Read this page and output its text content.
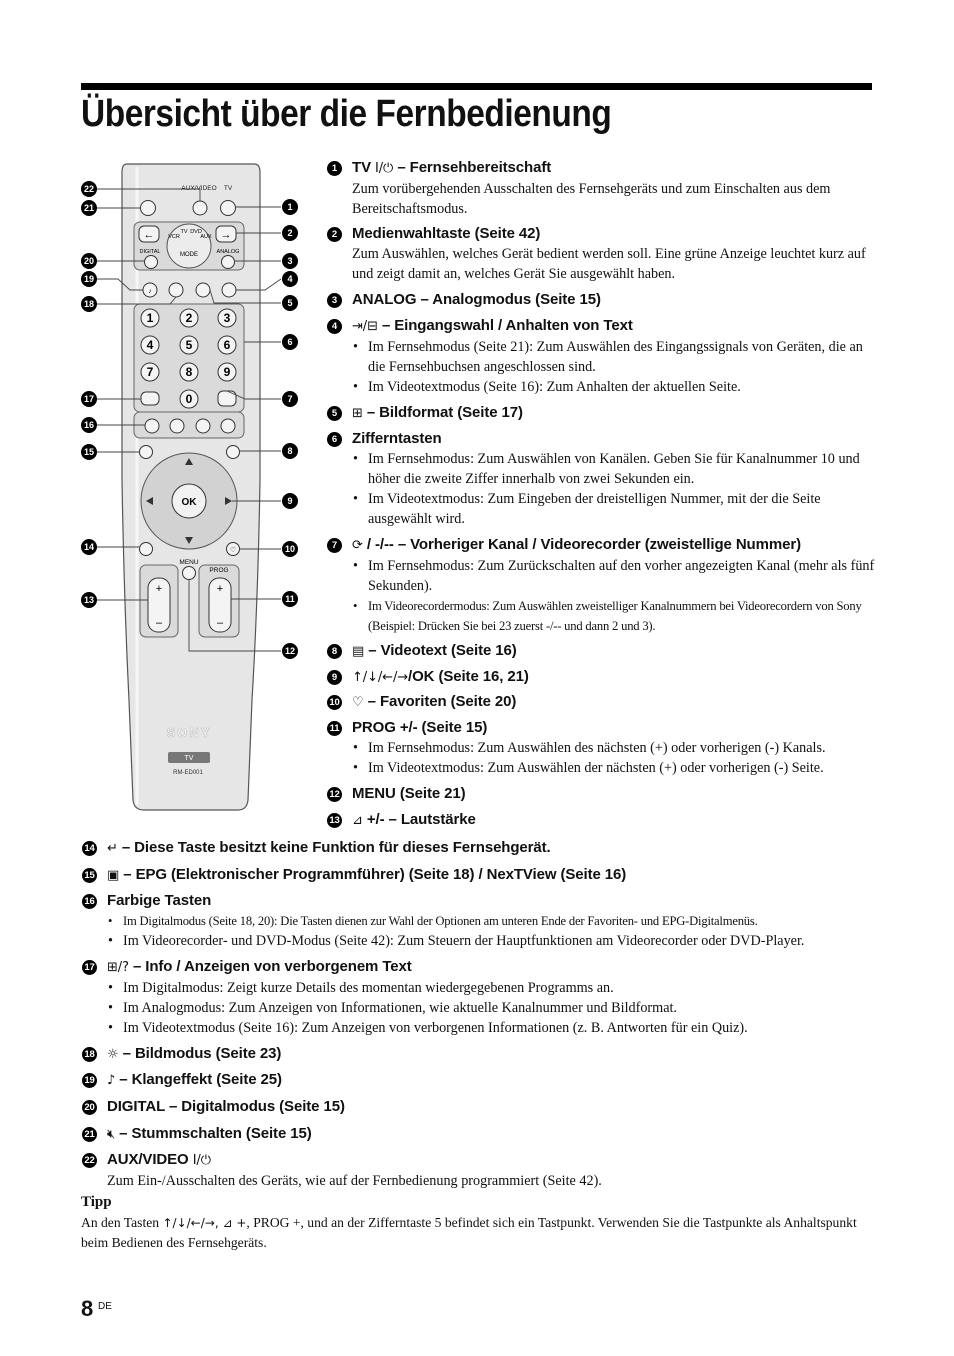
Übersicht über die Fernbedienung
AUX/VIDEO TV
←	→
VCR
TV DVD
AUX
MODE
DIGITAL	ANALOG
♪
1	2	3
4	5	6
7	8	9
0
OK
♡
MENU
+
–
PROG
+
–
SONY
TV
RM-ED001
22
21
20
19
18
17
16
15
14
13
1
2
3
4
5
6
7
8
9
10
11
12
1 TV I/⏻ – Fernsehbereitschaft
Zum vorübergehenden Ausschalten des Fernsehgeräts und zum Einschalten aus dem Bereitschaftsmodus.
2 Medienwahltaste (Seite 42)
Zum Auswählen, welches Gerät bedient werden soll. Eine grüne Anzeige leuchtet kurz auf und zeigt damit an, welches Gerät Sie ausgewählt haben.
3 ANALOG – Analogmodus (Seite 15)
4 ⇥/⊟ – Eingangswahl / Anhalten von Text
• Im Fernsehmodus (Seite 21): Zum Auswählen des Eingangssignals von Geräten, die an die Fernsehbuchsen angeschlossen sind.
• Im Videotextmodus (Seite 16): Zum Anhalten der aktuellen Seite.
5 ⊞ – Bildformat (Seite 17)
6 Zifferntasten
• Im Fernsehmodus: Zum Auswählen von Kanälen. Geben Sie für Kanalnummer 10 und höher die zweite Ziffer innerhalb von zwei Sekunden ein.
• Im Videotextmodus: Zum Eingeben der dreistelligen Nummer, mit der die Seite ausgewählt wird.
7 ⟳ / -/-- – Vorheriger Kanal / Videorecorder (zweistellige Nummer)
• Im Fernsehmodus: Zum Zurückschalten auf den vorher angezeigten Kanal (mehr als fünf Sekunden).
• Im Videorecordermodus: Zum Auswählen zweistelliger Kanalnummern bei Videorecordern von Sony (Beispiel: Drücken Sie bei 23 zuerst -/-- und dann 2 und 3).
8 ▤ – Videotext (Seite 16)
9 ↑/↓/←/→/OK (Seite 16, 21)
10 ♡ – Favoriten (Seite 20)
11 PROG +/- (Seite 15)
• Im Fernsehmodus: Zum Auswählen des nächsten (+) oder vorherigen (-) Kanals.
• Im Videotextmodus: Zum Auswählen der nächsten (+) oder vorherigen (-) Seite.
12 MENU (Seite 21)
13 ⊿ +/- – Lautstärke
14 ↵ – Diese Taste besitzt keine Funktion für dieses Fernsehgerät.
15 ▣ – EPG (Elektronischer Programmführer) (Seite 18) / NexTView (Seite 16)
16 Farbige Tasten
• Im Digitalmodus (Seite 18, 20): Die Tasten dienen zur Wahl der Optionen am unteren Ende der Favoriten- und EPG-Digitalmenüs.
• Im Videorecorder- und DVD-Modus (Seite 42): Zum Steuern der Hauptfunktionen am Videorecorder oder DVD-Player.
17 ⊞/? – Info / Anzeigen von verborgenem Text
• Im Digitalmodus: Zeigt kurze Details des momentan wiedergegebenen Programms an.
• Im Analogmodus: Zum Anzeigen von Informationen, wie aktuelle Kanalnummer und Bildformat.
• Im Videotextmodus (Seite 16): Zum Anzeigen von verborgenen Informationen (z. B. Antworten für ein Quiz).
18 ☼ – Bildmodus (Seite 23)
19 ♪ – Klangeffekt (Seite 25)
20 DIGITAL – Digitalmodus (Seite 15)
21 🔇︎ – Stummschalten (Seite 15)
22 AUX/VIDEO I/⏻
Zum Ein-/Ausschalten des Geräts, wie auf der Fernbedienung programmiert (Seite 42).
Tipp
An den Tasten ↑/↓/←/→, ⊿ +, PROG +, und an der Zifferntaste 5 befindet sich ein Tastpunkt. Verwenden Sie die Tastpunkte als Anhaltspunkt beim Bedienen des Fernsehgeräts.
8 DE
